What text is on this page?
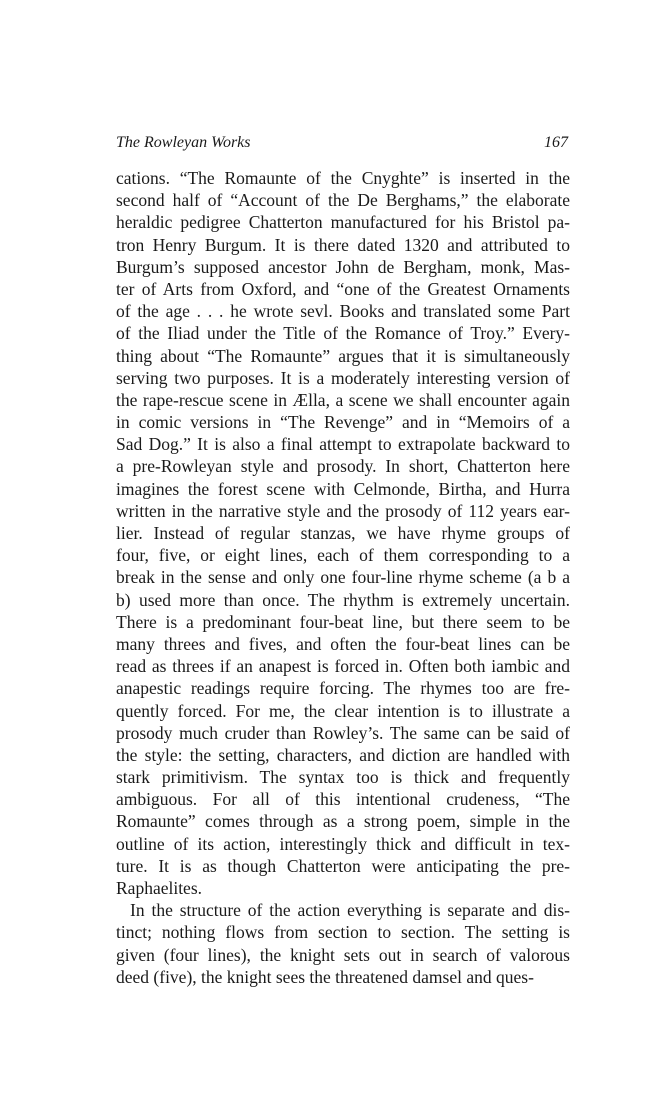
The Rowleyan Works	167
cations. “The Romaunte of the Cnyghte” is inserted in the
second half of “Account of the De Berghams,” the elaborate
heraldic pedigree Chatterton manufactured for his Bristol pa-
tron Henry Burgum. It is there dated 1320 and attributed to
Burgum’s supposed ancestor John de Bergham, monk, Mas-
ter of Arts from Oxford, and “one of the Greatest Ornaments
of the age . . . he wrote sevl. Books and translated some Part
of the Iliad under the Title of the Romance of Troy.” Every-
thing about “The Romaunte” argues that it is simultaneously
serving two purposes. It is a moderately interesting version of
the rape-rescue scene in Ælla, a scene we shall encounter again
in comic versions in “The Revenge” and in “Memoirs of a
Sad Dog.” It is also a final attempt to extrapolate backward to
a pre-Rowleyan style and prosody. In short, Chatterton here
imagines the forest scene with Celmonde, Birtha, and Hurra
written in the narrative style and the prosody of 112 years ear-
lier. Instead of regular stanzas, we have rhyme groups of
four, five, or eight lines, each of them corresponding to a
break in the sense and only one four-line rhyme scheme (a b a
b) used more than once. The rhythm is extremely uncertain.
There is a predominant four-beat line, but there seem to be
many threes and fives, and often the four-beat lines can be
read as threes if an anapest is forced in. Often both iambic and
anapestic readings require forcing. The rhymes too are fre-
quently forced. For me, the clear intention is to illustrate a
prosody much cruder than Rowley’s. The same can be said of
the style: the setting, characters, and diction are handled with
stark primitivism. The syntax too is thick and frequently
ambiguous. For all of this intentional crudeness, “The
Romaunte” comes through as a strong poem, simple in the
outline of its action, interestingly thick and difficult in tex-
ture. It is as though Chatterton were anticipating the pre-
Raphaelites.
In the structure of the action everything is separate and dis-
tinct; nothing flows from section to section. The setting is
given (four lines), the knight sets out in search of valorous
deed (five), the knight sees the threatened damsel and ques-
